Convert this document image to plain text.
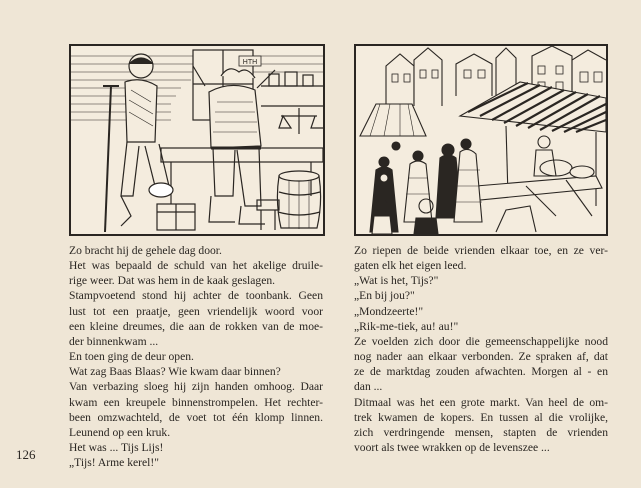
HTH
Zo bracht hij de gehele dag door.
Het was bepaald de schuld van het akelige druile-
rige weer. Dat was hem in de kaak geslagen.
Stampvoetend stond hij achter de toonbank. Geen
lust tot een praatje, geen vriendelijk woord voor
een kleine dreumes, die aan de rokken van de moe-
der binnenkwam ...
En toen ging de deur open.
Wat zag Baas Blaas? Wie kwam daar binnen?
Van verbazing sloeg hij zijn handen omhoog. Daar
kwam een kreupele binnenstrompelen. Het rechter-
been omzwachteld, de voet tot één klomp linnen.
Leunend op een kruk.
Het was ... Tijs Lijs!
„Tijs! Arme kerel!"
Zo riepen de beide vrienden elkaar toe, en ze ver-
gaten elk het eigen leed.
„Wat is het, Tijs?"
„En bij jou?"
„Mondzeerte!"
„Rik-me-tiek, au! au!"
Ze voelden zich door die gemeenschappelijke nood
nog nader aan elkaar verbonden. Ze spraken af, dat
ze de marktdag zouden afwachten. Morgen al - en
dan ...
Ditmaal was het een grote markt. Van heel de om-
trek kwamen de kopers. En tussen al die vrolijke,
zich verdringende mensen, stapten de vrienden
voort als twee wrakken op de levenszee ...
126
